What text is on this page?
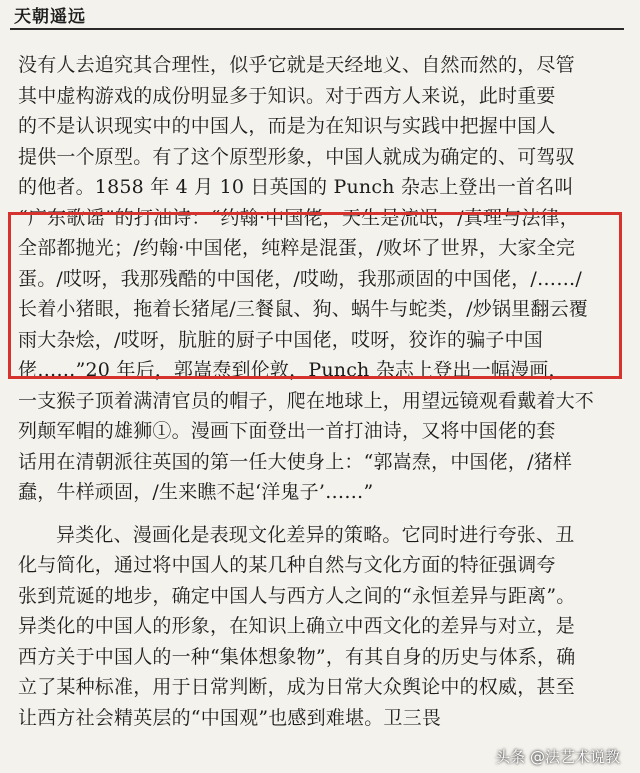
天朝遥远
没有人去追究其合理性，似乎它就是天经地义、自然而然的，尽管
其中虚构游戏的成份明显多于知识。对于西方人来说，此时重要
的不是认识现实中的中国人，而是为在知识与实践中把握中国人
提供一个原型。有了这个原型形象，中国人就成为确定的、可驾驭
的他者。1858 年 4 月 10 日英国的 Punch 杂志上登出一首名叫
“广东歌谣”的打油诗：“约翰·中国佬，天生是流氓，/真理与法律，
全部都抛光；/约翰·中国佬，纯粹是混蛋，/败坏了世界，大家全完
蛋。/哎呀，我那残酷的中国佬，/哎呦，我那顽固的中国佬，/……/
长着小猪眼，拖着长猪尾/三餐鼠、狗、蜗牛与蛇类，/炒锅里翻云覆
雨大杂烩，/哎呀，肮脏的厨子中国佬，哎呀，狡诈的骗子中国
佬……”20 年后，郭嵩焘到伦敦，Punch 杂志上登出一幅漫画，
一支猴子顶着满清官员的帽子，爬在地球上，用望远镜观看戴着大不
列颠军帽的雄狮①。漫画下面登出一首打油诗，又将中国佬的套
话用在清朝派往英国的第一任大使身上：“郭嵩焘，中国佬，/猪样
蠢，牛样顽固，/生来瞧不起‘洋鬼子’……”
异类化、漫画化是表现文化差异的策略。它同时进行夸张、丑
化与简化，通过将中国人的某几种自然与文化方面的特征强调夸
张到荒诞的地步，确定中国人与西方人之间的“永恒差异与距离”。
异类化的中国人的形象，在知识上确立中西文化的差异与对立，是
西方关于中国人的一种“集体想象物”，有其自身的历史与体系，确
立了某种标准，用于日常判断，成为日常大众舆论中的权威，甚至
让西方社会精英层的“中国观”也感到难堪。卫三畏
头条 @法艺术说教
